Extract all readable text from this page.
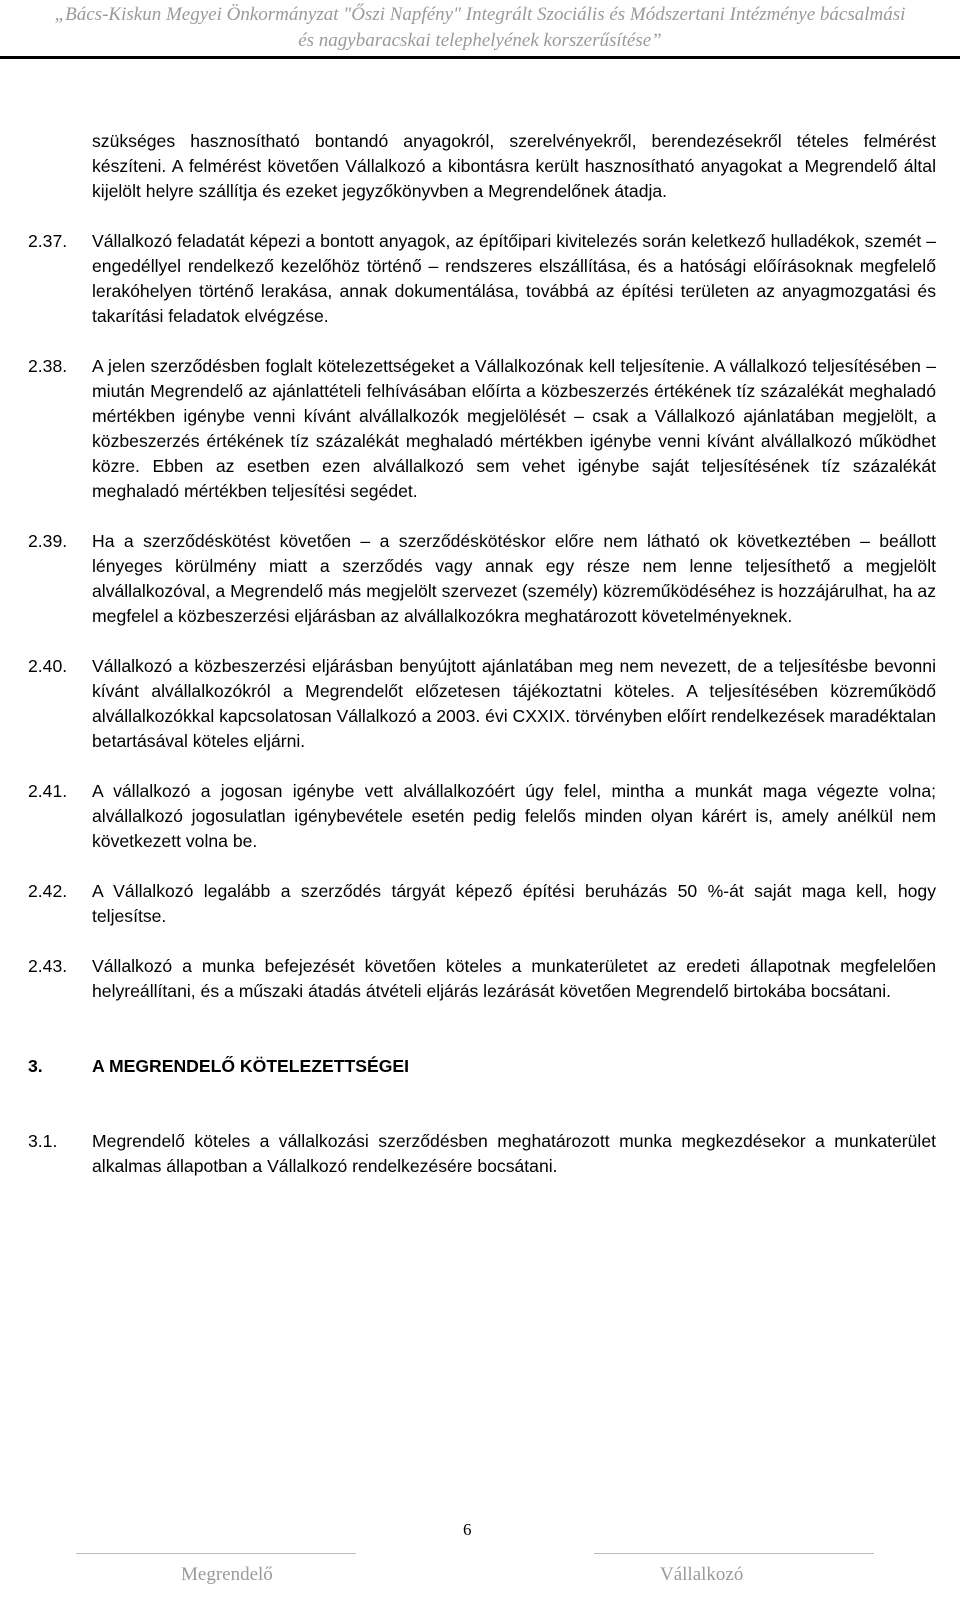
„Bács-Kiskun Megyei Önkormányzat "Őszi Napfény" Integrált Szociális és Módszertani Intézménye bácsalmási
és nagybaracskai telephelyének korszerűsítése”
szükséges hasznosítható bontandó anyagokról, szerelvényekről, berendezésekről tételes felmérést készíteni. A felmérést követően Vállalkozó a kibontásra került hasznosítható anyagokat a Megrendelő által kijelölt helyre szállítja és ezeket jegyzőkönyvben a Megrendelőnek átadja.
2.37.	Vállalkozó feladatát képezi a bontott anyagok, az építőipari kivitelezés során keletkező hulladékok, szemét – engedéllyel rendelkező kezelőhöz történő – rendszeres elszállítása, és a hatósági előírásoknak megfelelő lerakóhelyen történő lerakása, annak dokumentálása, továbbá az építési területen az anyagmozgatási és takarítási feladatok elvégzése.
2.38.	A jelen szerződésben foglalt kötelezettségeket a Vállalkozónak kell teljesítenie. A vállalkozó teljesítésében – miután Megrendelő az ajánlattételi felhívásában előírta a közbeszerzés értékének tíz százalékát meghaladó mértékben igénybe venni kívánt alvállalkozók megjelölését – csak a Vállalkozó ajánlatában megjelölt, a közbeszerzés értékének tíz százalékát meghaladó mértékben igénybe venni kívánt alvállalkozó működhet közre. Ebben az esetben ezen alvállalkozó sem vehet igénybe saját teljesítésének tíz százalékát meghaladó mértékben teljesítési segédet.
2.39.	Ha a szerződéskötést követően – a szerződéskötéskor előre nem látható ok következtében – beállott lényeges körülmény miatt a szerződés vagy annak egy része nem lenne teljesíthető a megjelölt alvállalkozóval, a Megrendelő más megjelölt szervezet (személy) közreműködéséhez is hozzájárulhat, ha az megfelel a közbeszerzési eljárásban az alvállalkozókra meghatározott követelményeknek.
2.40.	Vállalkozó a közbeszerzési eljárásban benyújtott ajánlatában meg nem nevezett, de a teljesítésbe bevonni kívánt alvállalkozókról a Megrendelőt előzetesen tájékoztatni köteles. A teljesítésében közreműködő alvállalkozókkal kapcsolatosan Vállalkozó a 2003. évi CXXIX. törvényben előírt rendelkezések maradéktalan betartásával köteles eljárni.
2.41.	A vállalkozó a jogosan igénybe vett alvállalkozóért úgy felel, mintha a munkát maga végezte volna; alvállalkozó jogosulatlan igénybevétele esetén pedig felelős minden olyan kárért is, amely anélkül nem következett volna be.
2.42.	A Vállalkozó legalább a szerződés tárgyát képező építési beruházás 50 %-át saját maga kell, hogy teljesítse.
2.43.	Vállalkozó a munka befejezését követően köteles a munkaterületet az eredeti állapotnak megfelelően helyreállítani, és a műszaki átadás átvételi eljárás lezárását követően Megrendelő birtokába bocsátani.
3.	A MEGRENDELŐ KÖTELEZETTSÉGEI
3.1.	Megrendelő köteles a vállalkozási szerződésben meghatározott munka megkezdésekor a munkaterület alkalmas állapotban a Vállalkozó rendelkezésére bocsátani.
6
Megrendelő	Vállalkozó
